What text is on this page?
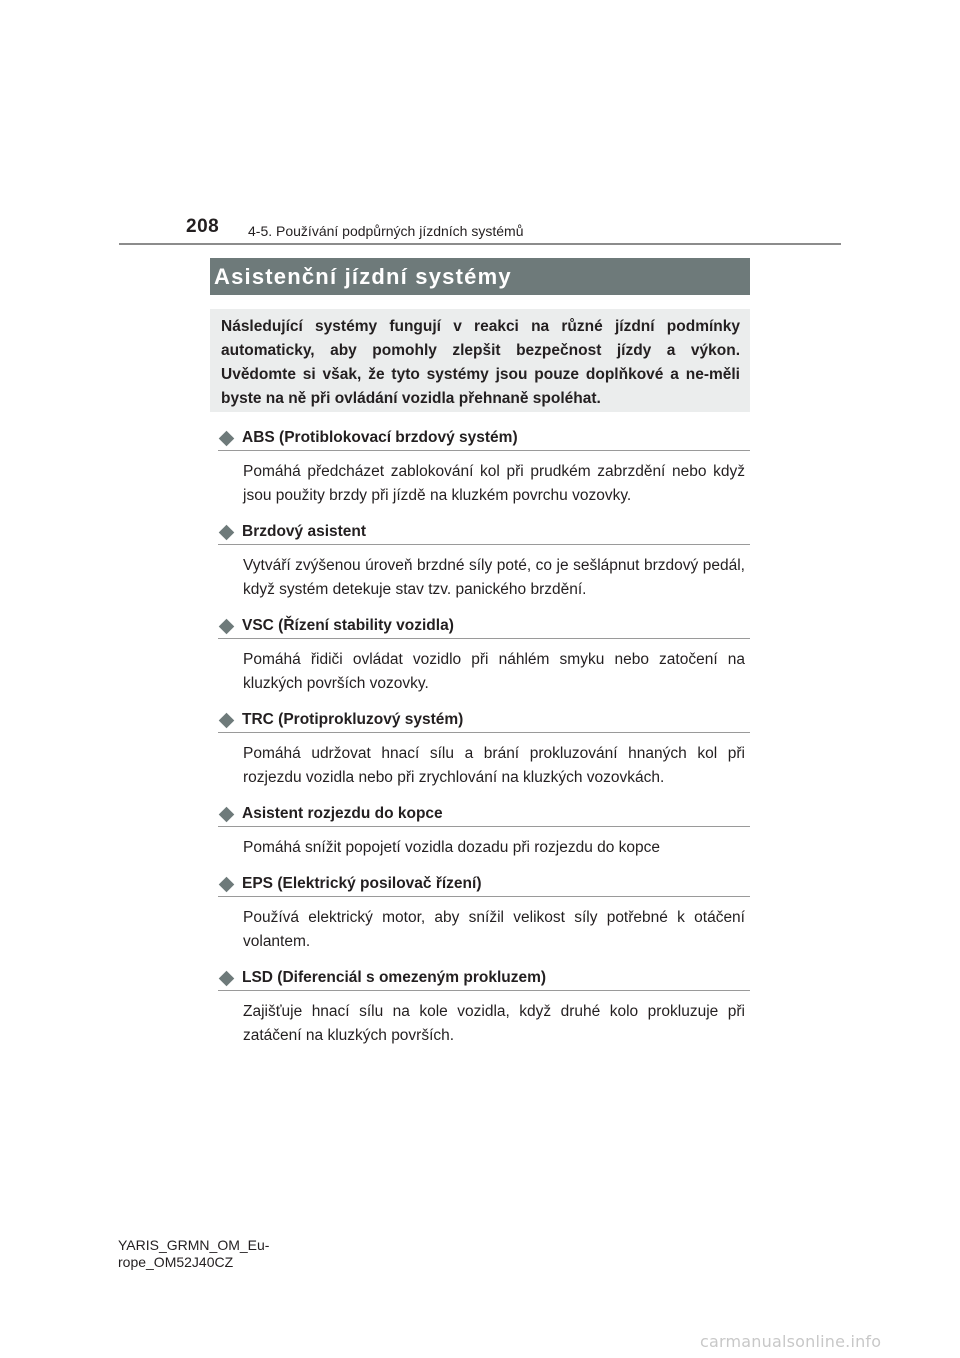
208 4-5. Používání podpůrných jízdních systémů
Asistenční jízdní systémy
Následující systémy fungují v reakci na různé jízdní podmínky automaticky, aby pomohly zlepšit bezpečnost jízdy a výkon. Uvědomte si však, že tyto systémy jsou pouze doplňkové a ne-měli byste na ně při ovládání vozidla přehnaně spoléhat.
ABS (Protiblokovací brzdový systém)
Pomáhá předcházet zablokování kol při prudkém zabrzdění nebo když jsou použity brzdy při jízdě na kluzkém povrchu vozovky.
Brzdový asistent
Vytváří zvýšenou úroveň brzdné síly poté, co je sešlápnut brzdový pedál, když systém detekuje stav tzv. panického brzdění.
VSC (Řízení stability vozidla)
Pomáhá řidiči ovládat vozidlo při náhlém smyku nebo zatočení na kluzkých površích vozovky.
TRC (Protiprokluzový systém)
Pomáhá udržovat hnací sílu a brání prokluzování hnaných kol při rozjezdu vozidla nebo při zrychlování na kluzkých vozovkách.
Asistent rozjezdu do kopce
Pomáhá snížit popojetí vozidla dozadu při rozjezdu do kopce
EPS (Elektrický posilovač řízení)
Používá elektrický motor, aby snížil velikost síly potřebné k otáčení volantem.
LSD (Diferenciál s omezeným prokluzem)
Zajišťuje hnací sílu na kole vozidla, když druhé kolo prokluzuje při zatáčení na kluzkých površích.
YARIS_GRMN_OM_Eu-
rope_OM52J40CZ
carmanualsonline.info
